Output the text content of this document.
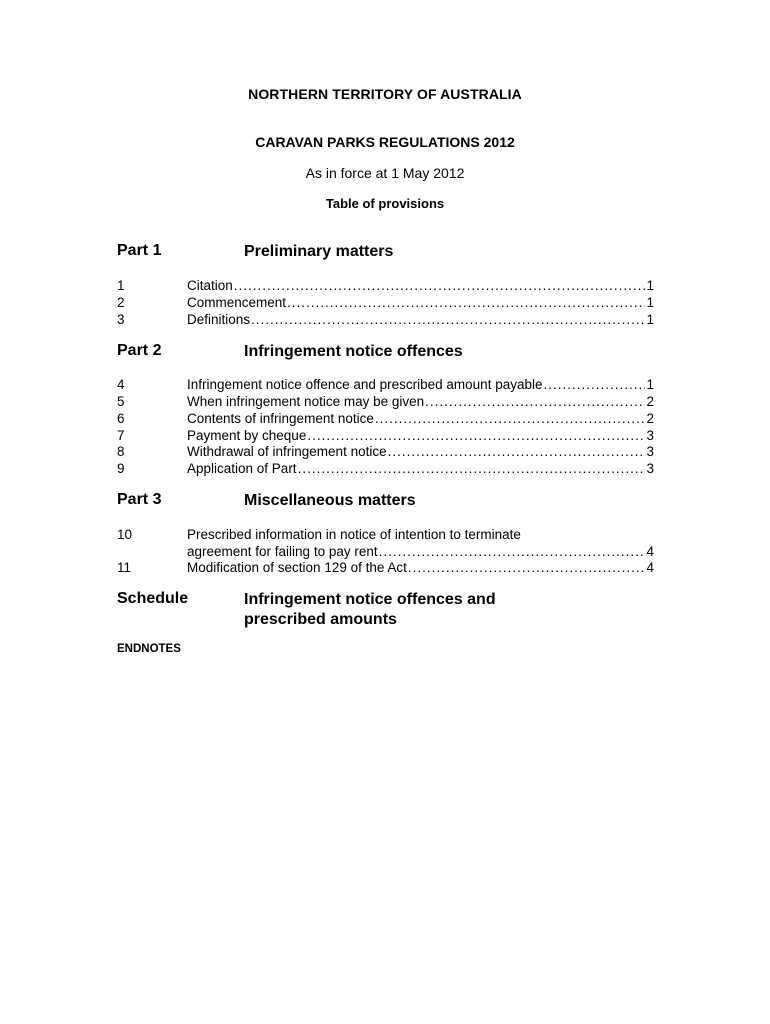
NORTHERN TERRITORY OF AUSTRALIA
CARAVAN PARKS REGULATIONS 2012
As in force at 1 May 2012
Table of provisions
Part 1	Preliminary matters
1	Citation .....	1
2	Commencement .....	1
3	Definitions .....	1
Part 2	Infringement notice offences
4	Infringement notice offence and prescribed amount payable .....	1
5	When infringement notice may be given .....	2
6	Contents of infringement notice .....	2
7	Payment by cheque .....	3
8	Withdrawal of infringement notice .....	3
9	Application of Part .....	3
Part 3	Miscellaneous matters
10	Prescribed information in notice of intention to terminate
agreement for failing to pay rent .....	4
11	Modification of section 129 of the Act .....	4
Schedule	Infringement notice offences and
prescribed amounts
ENDNOTES
